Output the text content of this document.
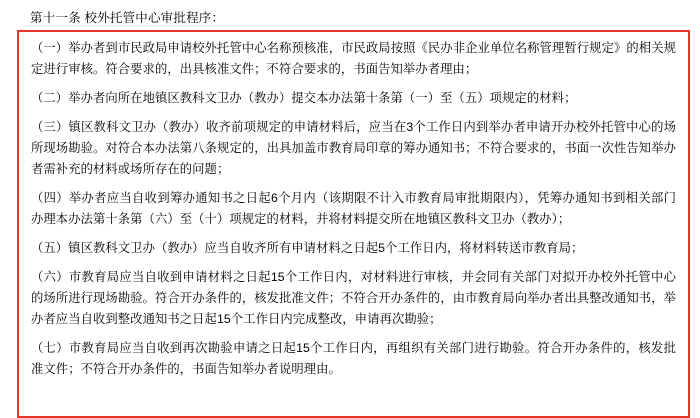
第十一条 校外托管中心审批程序：

（一）举办者到市民政局申请校外托管中心名称预核准，市民政局按照《民办非企业单位名称管理暂行规定》的相关规定进行审核。符合要求的，出具核准文件；不符合要求的，书面告知举办者理由；

（二）举办者向所在地镇区教科文卫办（教办）提交本办法第十条第（一）至（五）项规定的材料；

（三）镇区教科文卫办（教办）收齐前项规定的申请材料后，应当在3个工作日内到举办者申请开办校外托管中心的场所现场勘验。对符合本办法第八条规定的，出具加盖市教育局印章的筹办通知书；不符合要求的，书面一次性告知举办者需补充的材料或场所存在的问题；

（四）举办者应当自收到筹办通知书之日起6个月内（该期限不计入市教育局审批期限内），凭筹办通知书到相关部门办理本办法第十条第（六）至（十）项规定的材料，并将材料提交所在地镇区教科文卫办（教办）；

（五）镇区教科文卫办（教办）应当自收齐所有申请材料之日起5个工作日内，将材料转送市教育局；

（六）市教育局应当自收到申请材料之日起15个工作日内，对材料进行审核，并会同有关部门对拟开办校外托管中心的场所进行现场勘验。符合开办条件的，核发批准文件；不符合开办条件的，由市教育局向举办者出具整改通知书，举办者应当自收到整改通知书之日起15个工作日内完成整改，申请再次勘验；

（七）市教育局应当自收到再次勘验申请之日起15个工作日内，再组织有关部门进行勘验。符合开办条件的，核发批准文件；不符合开办条件的，书面告知举办者说明理由。
